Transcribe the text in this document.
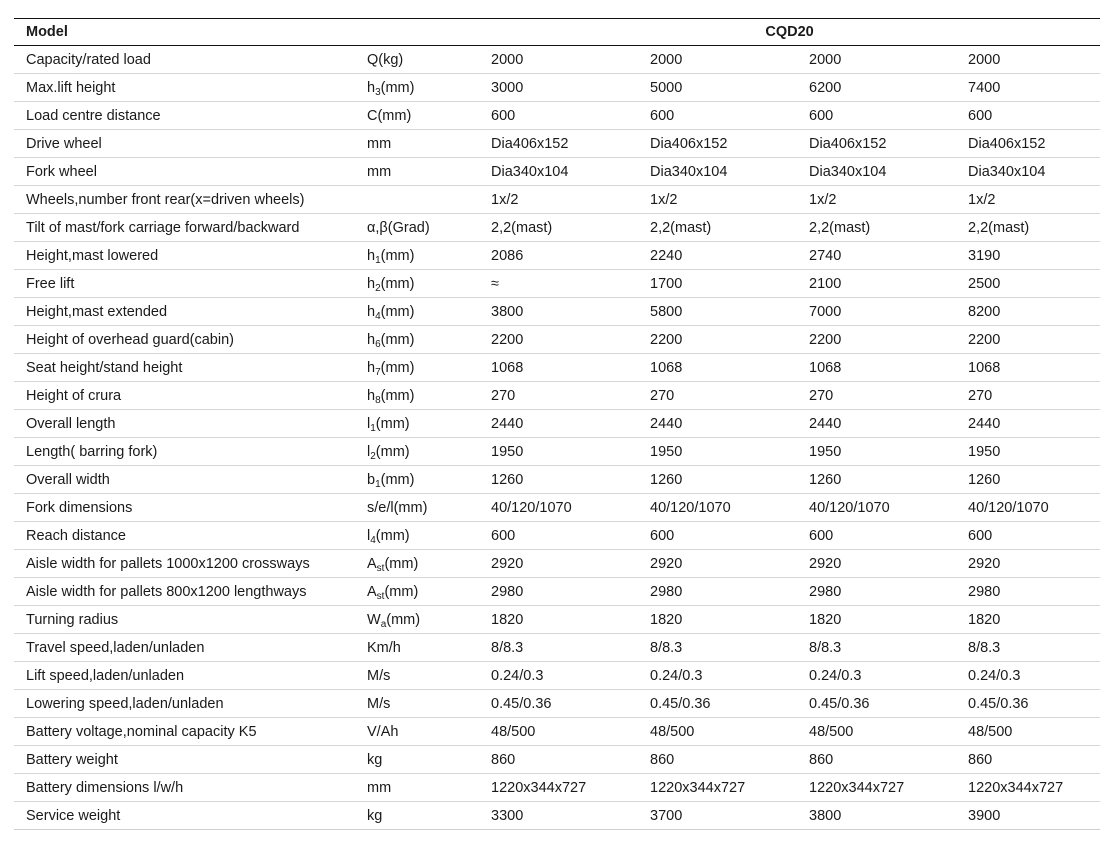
Model		CQD20			
Capacity/rated load	Q(kg)	2000	2000	2000	2000
Max.lift height	$h_3(mm)$	3000	5000	6200	7400
Load centre distance	C(mm)	600	600	600	600
Drive wheel	mm	Dia406x152	Dia406x152	Dia406x152	Dia406x152
Fork wheel	mm	Dia340x104	Dia340x104	Dia340x104	Dia340x104
Wheels,number front rear(x=driven wheels)		1x/2	1x/2	1x/2	1x/2
Tilt of mast/fork carriage forward/backward	α,β(Grad)	2,2(mast)	2,2(mast)	2,2(mast)	2,2(mast)
Height,mast lowered	$h_1(mm)$	2086	2240	2740	3190
Free lift	$h_2(mm)$	≈	1700	2100	2500
Height,mast extended	$h_4(mm)$	3800	5800	7000	8200
Height of overhead guard(cabin)	$h_6(mm)$	2200	2200	2200	2200
Seat height/stand height	$h_7(mm)$	1068	1068	1068	1068
Height of crura	$h_8(mm)$	270	270	270	270
Overall length	$l_1(mm)$	2440	2440	2440	2440
Length( barring fork)	$l_2(mm)$	1950	1950	1950	1950
Overall width	$b_1(mm)$	1260	1260	1260	1260
Fork dimensions	s/e/l(mm)	40/120/1070	40/120/1070	40/120/1070	40/120/1070
Reach distance	$l_4(mm)$	600	600	600	600
Aisle width for pallets 1000x1200 crossways	$A_{st}(mm)$	2920	2920	2920	2920
Aisle width for pallets 800x1200 lengthways	$A_{st}(mm)$	2980	2980	2980	2980
Turning radius	$W_a(mm)$	1820	1820	1820	1820
Travel speed,laden/unladen	Km/h	8/8.3	8/8.3	8/8.3	8/8.3
Lift speed,laden/unladen	M/s	0.24/0.3	0.24/0.3	0.24/0.3	0.24/0.3
Lowering speed,laden/unladen	M/s	0.45/0.36	0.45/0.36	0.45/0.36	0.45/0.36
Battery voltage,nominal capacity K5	V/Ah	48/500	48/500	48/500	48/500
Battery weight	kg	860	860	860	860
Battery dimensions l/w/h	mm	1220x344x727	1220x344x727	1220x344x727	1220x344x727
Service weight	kg	3300	3700	3800	3900
